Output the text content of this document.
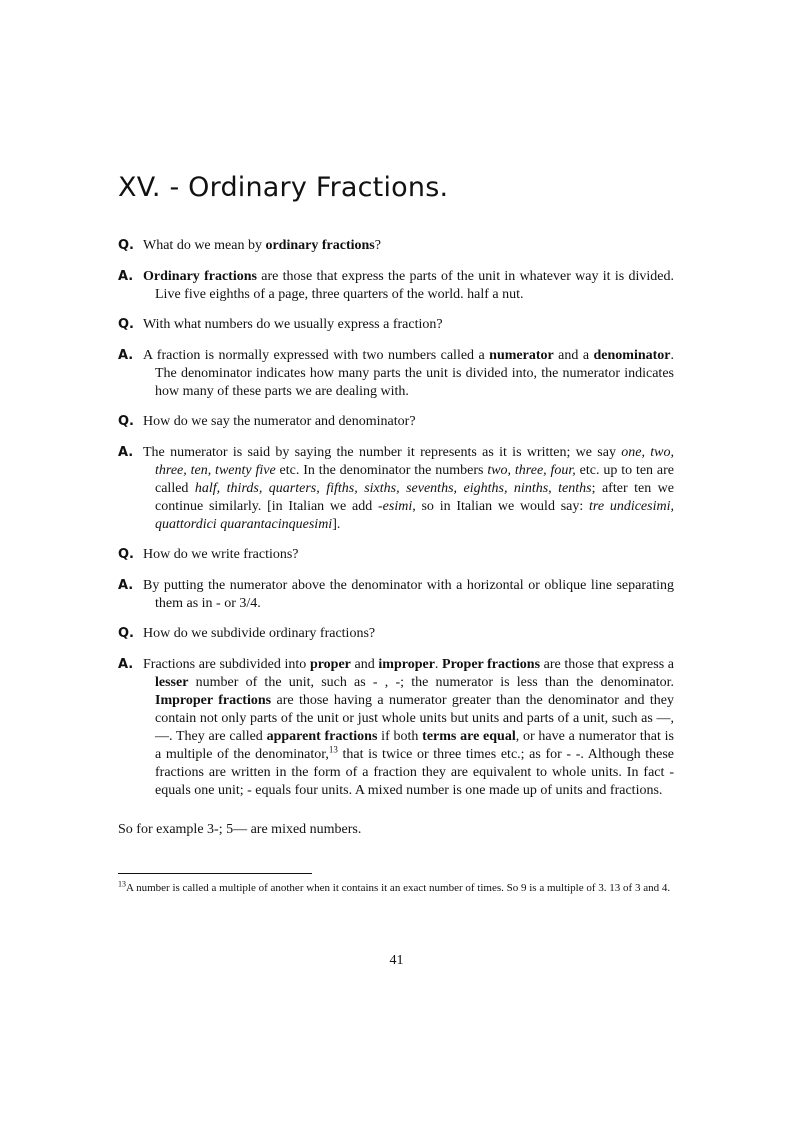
XV. - Ordinary Fractions.

Q. What do we mean by ordinary fractions?

A. Ordinary fractions are those that express the parts of the unit in whatever way it is divided. Live five eighths of a page, three quarters of the world. half a nut.

Q. With what numbers do we usually express a fraction?

A. A fraction is normally expressed with two numbers called a numerator and a denominator. The denominator indicates how many parts the unit is divided into, the numerator indicates how many of these parts we are dealing with.

Q. How do we say the numerator and denominator?

A. The numerator is said by saying the number it represents as it is written; we say one, two, three, ten, twenty five etc. In the denominator the numbers two, three, four, etc. up to ten are called half, thirds, quarters, fifths, sixths, sevenths, eighths, ninths, tenths; after ten we continue similarly. [in Italian we add -esimi, so in Italian we would say: tre undicesimi, quattordici quarantacinquesimi].

Q. How do we write fractions?

A. By putting the numerator above the denominator with a horizontal or oblique line separating them as in - or 3/4.

Q. How do we subdivide ordinary fractions?

A. Fractions are subdivided into proper and improper. Proper fractions are those that express a lesser number of the unit, such as - , -; the numerator is less than the denominator. Improper fractions are those having a numerator greater than the denominator and they contain not only parts of the unit or just whole units but units and parts of a unit, such as —, —. They are called apparent fractions if both terms are equal, or have a numerator that is a multiple of the denominator,$^{13}$ that is twice or three times etc.; as for - -. Although these fractions are written in the form of a fraction they are equivalent to whole units. In fact - equals one unit; - equals four units. A mixed number is one made up of units and fractions.

So for example 3-; 5— are mixed numbers.

$^{13}$A number is called a multiple of another when it contains it an exact number of times. So 9 is a multiple of 3. 13 of 3 and 4.
41
